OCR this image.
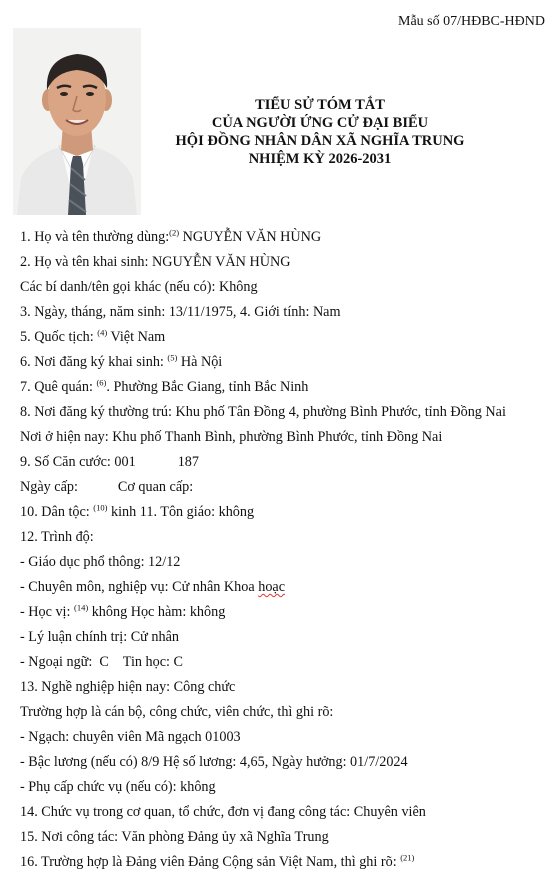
Mẫu số 07/HĐBC-HĐND
TIỂU SỬ TÓM TẮT
CỦA NGƯỜI ỨNG CỬ ĐẠI BIỂU
HỘI ĐỒNG NHÂN DÂN XÃ NGHĨA TRUNG
NHIỆM KỲ 2026-2031
1. Họ và tên thường dùng:$^{(2)}$ NGUYỄN VĂN HÙNG
2. Họ và tên khai sinh: NGUYỄN VĂN HÙNG
Các bí danh/tên gọi khác (nếu có): Không
3. Ngày, tháng, năm sinh: 13/11/1975, 4. Giới tính: Nam
5. Quốc tịch: $^{(4)}$ Việt Nam
6. Nơi đăng ký khai sinh: $^{(5)}$ Hà Nội
7. Quê quán: $^{(6)}$. Phường Bắc Giang, tỉnh Bắc Ninh
8. Nơi đăng ký thường trú: Khu phố Tân Đồng 4, phường Bình Phước, tỉnh Đồng Nai
Nơi ở hiện nay: Khu phố Thanh Bình, phường Bình Phước, tỉnh Đồng Nai
9. Số Căn cước: 001	187
Ngày cấp:	Cơ quan cấp:
10. Dân tộc: $^{(10)}$ kinh 11. Tôn giáo: không
12. Trình độ:
- Giáo dục phổ thông: 12/12
- Chuyên môn, nghiệp vụ: Cử nhân Khoa hoạc
- Học vị: $^{(14)}$ không Học hàm: không
- Lý luận chính trị: Cử nhân
- Ngoại ngữ:  C    Tin học: C
13. Nghề nghiệp hiện nay: Công chức
Trường hợp là cán bộ, công chức, viên chức, thì ghi rõ:
- Ngạch: chuyên viên Mã ngạch 01003
- Bậc lương (nếu có) 8/9 Hệ số lương: 4,65, Ngày hưởng: 01/7/2024
- Phụ cấp chức vụ (nếu có): không
14. Chức vụ trong cơ quan, tổ chức, đơn vị đang công tác: Chuyên viên
15. Nơi công tác: Văn phòng Đảng ủy xã Nghĩa Trung
16. Trường hợp là Đảng viên Đảng Cộng sản Việt Nam, thì ghi rõ: $^{(21)}$
